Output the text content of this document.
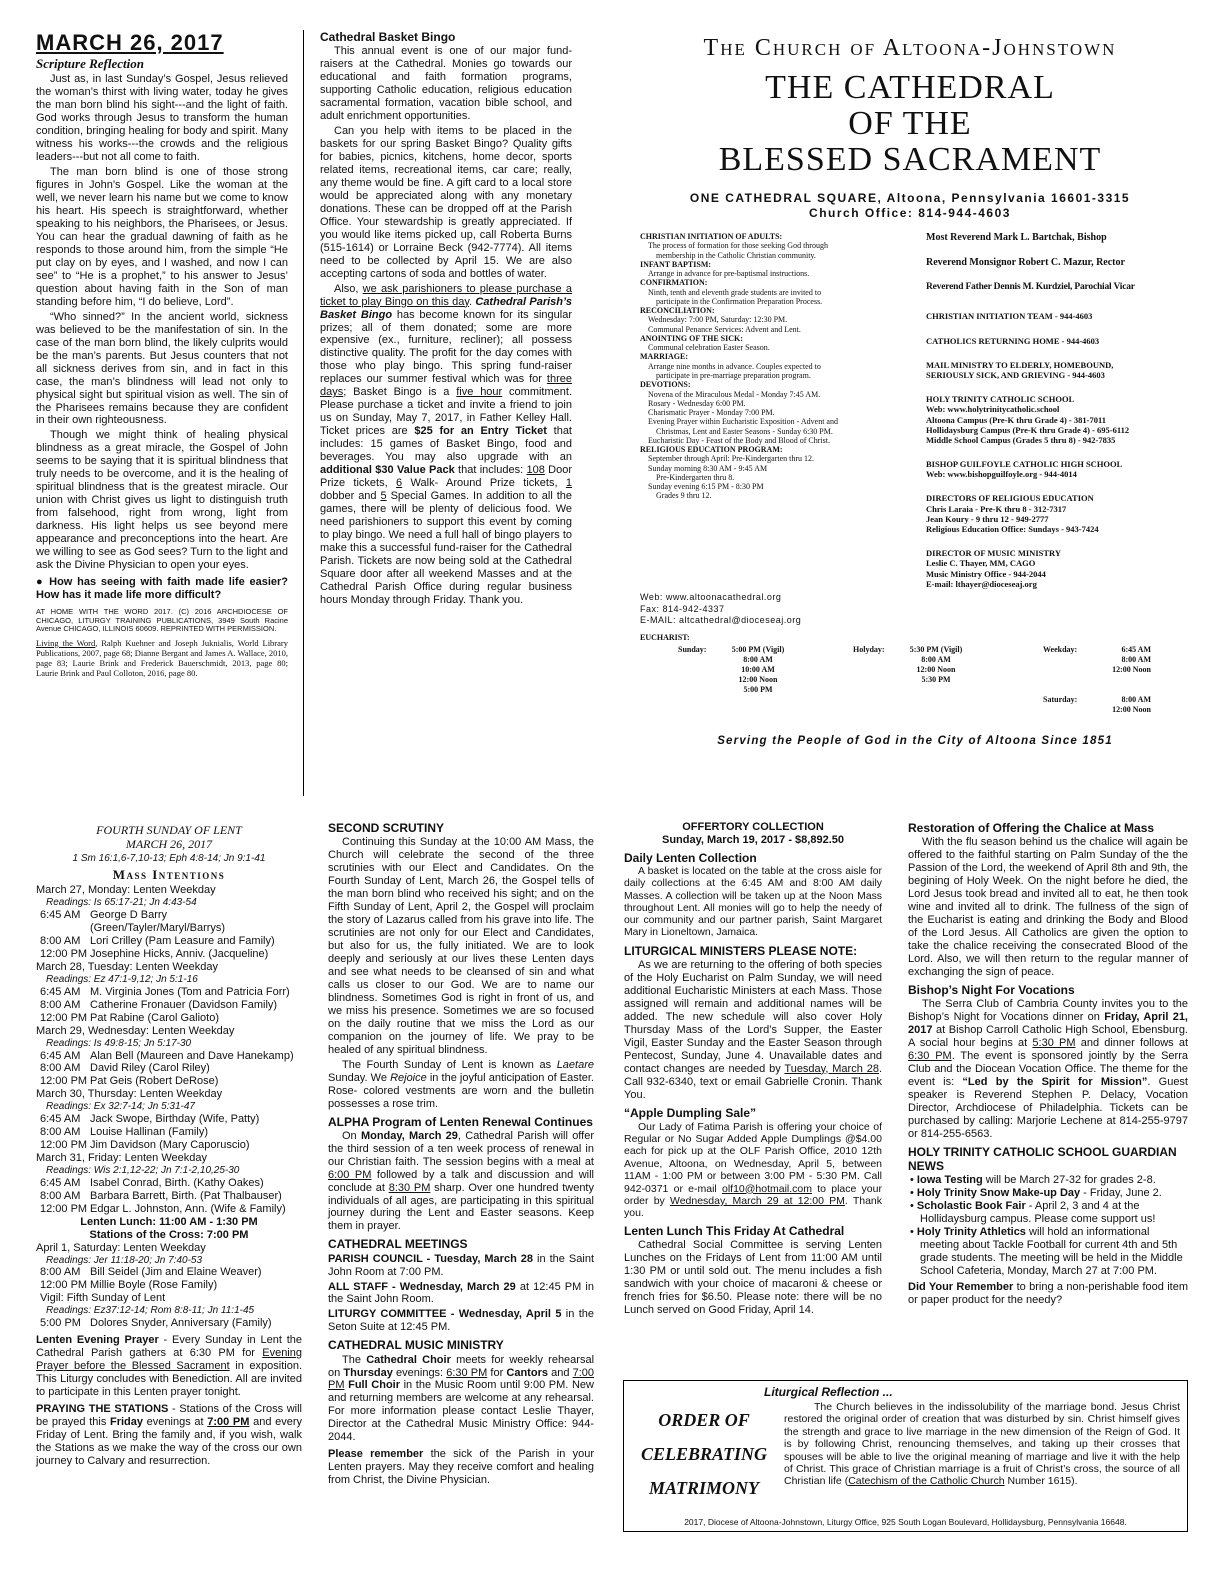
MARCH 26, 2017
Scripture Reflection

Just as, in last Sunday’s Gospel, Jesus relieved the woman’s thirst with living water, today he gives the man born blind his sight---and the light of faith. God works through Jesus to transform the human condition, bringing healing for body and spirit. Many witness his works---the crowds and the religious leaders---but not all come to faith.

The man born blind is one of those strong figures in John’s Gospel. Like the woman at the well, we never learn his name but we come to know his heart. His speech is straightforward, whether speaking to his neighbors, the Pharisees, or Jesus. You can hear the gradual dawning of faith as he responds to those around him, from the simple “He put clay on by eyes, and I washed, and now I can see” to “He is a prophet,” to his answer to Jesus’ question about having faith in the Son of man standing before him, “I do believe, Lord”.

“Who sinned?” In the ancient world, sickness was believed to be the manifestation of sin. In the case of the man born blind, the likely culprits would be the man’s parents. But Jesus counters that not all sickness derives from sin, and in fact in this case, the man’s blindness will lead not only to physical sight but spiritual vision as well. The sin of the Pharisees remains because they are confident in their own righteousness.

Though we might think of healing physical blindness as a great miracle, the Gospel of John seems to be saying that it is spiritual blindness that truly needs to be overcome, and it is the healing of spiritual blindness that is the greatest miracle. Our union with Christ gives us light to distinguish truth from falsehood, right from wrong, light from darkness. His light helps us see beyond mere appearance and preconceptions into the heart. Are we willing to see as God sees? Turn to the light and ask the Divine Physician to open your eyes.

● How has seeing with faith made life easier? How has it made life more difficult?

AT HOME WITH THE WORD 2017. (C) 2016 ARCHDIOCESE OF CHICAGO, LITURGY TRAINING PUBLICATIONS, 3949 South Racine Avenue CHICAGO, ILLINOIS 60609. REPRINTED WITH PERMISSION.

Living the Word, Ralph Kuehner and Joseph Juknialis, World Library Publications, 2007, page 68; Dianne Bergant and James A. Wallace, 2010, page 83; Laurie Brink and Frederick Bauerschmidt, 2013, page 80; Laurie Brink and Paul Colloton, 2016, page 80.

Cathedral Basket Bingo

This annual event is one of our major fund-raisers at the Cathedral. Monies go towards our educational and faith formation programs, supporting Catholic education, religious education sacramental formation, vacation bible school, and adult enrichment opportunities.

Can you help with items to be placed in the baskets for our spring Basket Bingo? Quality gifts for babies, picnics, kitchens, home decor, sports related items, recreational items, car care; really, any theme would be fine. A gift card to a local store would be appreciated along with any monetary donations. These can be dropped off at the Parish Office. Your stewardship is greatly appreciated. If you would like items picked up, call Roberta Burns (515-1614) or Lorraine Beck (942-7774). All items need to be collected by April 15. We are also accepting cartons of soda and bottles of water.

Also, we ask parishioners to please purchase a ticket to play Bingo on this day. Cathedral Parish’s Basket Bingo has become known for its singular prizes; all of them donated; some are more expensive (ex., furniture, recliner); all possess distinctive quality. The profit for the day comes with those who play bingo. This spring fund-raiser replaces our summer festival which was for three days; Basket Bingo is a five hour commitment. Please purchase a ticket and invite a friend to join us on Sunday, May 7, 2017, in Father Kelley Hall. Ticket prices are $25 for an Entry Ticket that includes: 15 games of Basket Bingo, food and beverages. You may also upgrade with an additional $30 Value Pack that includes: 108 Door Prize tickets, 6 Walk- Around Prize tickets, 1 dobber and 5 Special Games. In addition to all the games, there will be plenty of delicious food. We need parishioners to support this event by coming to play bingo. We need a full hall of bingo players to make this a successful fund-raiser for the Cathedral Parish. Tickets are now being sold at the Cathedral Square door after all weekend Masses and at the Cathedral Parish Office during regular business hours Monday through Friday. Thank you.

The Church of Altoona-Johnstown
THE CATHEDRAL
OF THE
BLESSED SACRAMENT
ONE CATHEDRAL SQUARE, Altoona, Pennsylvania 16601-3315
Church Office: 814-944-4603
CHRISTIAN INITIATION OF ADULTS:
The process of formation for those seeking God through
membership in the Catholic Christian community.
INFANT BAPTISM:
Arrange in advance for pre-baptismal instructions.
CONFIRMATION:
Ninth, tenth and eleventh grade students are invited to
participate in the Confirmation Preparation Process.
RECONCILIATION:
Wednesday: 7:00 PM, Saturday: 12:30 PM.
Communal Penance Services: Advent and Lent.
ANOINTING OF THE SICK:
Communal celebration Easter Season.
MARRIAGE:
Arrange nine months in advance. Couples expected to
participate in pre-marriage preparation program.
DEVOTIONS:
Novena of the Miraculous Medal - Monday 7:45 AM.
Rosary - Wednesday 6:00 PM.
Charismatic Prayer - Monday 7:00 PM.
Evening Prayer within Eucharistic Exposition - Advent and
Christmas, Lent and Easter Seasons - Sunday 6:30 PM.
Eucharistic Day - Feast of the Body and Blood of Christ.
RELIGIOUS EDUCATION PROGRAM:
September through April: Pre-Kindergarten thru 12.
Sunday morning 8:30 AM - 9:45 AM
Pre-Kindergarten thru 8.
Sunday evening 6:15 PM - 8:30 PM
Grades 9 thru 12.
Web: www.altoonacathedral.org
Fax: 814-942-4337
E-MAIL: altcathedral@dioceseaj.org
Most Reverend Mark L. Bartchak, Bishop
Reverend Monsignor Robert C. Mazur, Rector
Reverend Father Dennis M. Kurdziel, Parochial Vicar
CHRISTIAN INITIATION TEAM - 944-4603
CATHOLICS RETURNING HOME - 944-4603
MAIL MINISTRY TO ELDERLY, HOMEBOUND,
SERIOUSLY SICK, AND GRIEVING - 944-4603
HOLY TRINITY CATHOLIC SCHOOL
Web: www.holytrinitycatholic.school
Altoona Campus (Pre-K thru Grade 4) - 381-7011
Hollidaysburg Campus (Pre-K thru Grade 4) - 695-6112
Middle School Campus (Grades 5 thru 8) - 942-7835
BISHOP GUILFOYLE CATHOLIC HIGH SCHOOL
Web: www.bishopguilfoyle.org - 944-4014
DIRECTORS OF RELIGIOUS EDUCATION
Chris Laraia - Pre-K thru 8 - 312-7317
Jean Koury - 9 thru 12 - 949-2777
Religious Education Office: Sundays - 943-7424
DIRECTOR OF MUSIC MINISTRY
Leslie C. Thayer, MM, CAGO
Music Ministry Office - 944-2044
E-mail: lthayer@dioceseaj.org
EUCHARIST:
Sunday:	5:00 PM (Vigil)
8:00 AM
10:00 AM
12:00 Noon
5:00 PM
Holyday:	5:30 PM (Vigil)
8:00 AM
12:00 Noon
5:30 PM
Weekday:	6:45 AM
8:00 AM
12:00 Noon
Saturday:	8:00 AM
12:00 Noon
Serving the People of God in the City of Altoona Since 1851
FOURTH SUNDAY OF LENT
MARCH 26, 2017
1 Sm 16:1,6-7,10-13; Eph 4:8-14; Jn 9:1-41
Mass Intentions
March 27, Monday: Lenten Weekday
Readings: Is 65:17-21; Jn 4:43-54
6:45 AM George D Barry (Green/Tayler/Maryl/Barrys)
8:00 AM Lori Crilley (Pam Leasure and Family)
12:00 PM Josephine Hicks, Anniv. (Jacqueline)
March 28, Tuesday: Lenten Weekday
Readings: Ez 47:1-9,12; Jn 5:1-16
6:45 AM M. Virginia Jones (Tom and Patricia Forr)
8:00 AM Catherine Fronauer (Davidson Family)
12:00 PM Pat Rabine (Carol Galioto)
March 29, Wednesday: Lenten Weekday
Readings: Is 49:8-15; Jn 5:17-30
6:45 AM Alan Bell (Maureen and Dave Hanekamp)
8:00 AM David Riley (Carol Riley)
12:00 PM Pat Geis (Robert DeRose)
March 30, Thursday: Lenten Weekday
Readings: Ex 32:7-14; Jn 5:31-47
6:45 AM Jack Swope, Birthday (Wife, Patty)
8:00 AM Louise Hallinan (Family)
12:00 PM Jim Davidson (Mary Caporuscio)
March 31, Friday: Lenten Weekday
Readings: Wis 2:1,12-22; Jn 7:1-2,10,25-30
6:45 AM Isabel Conrad, Birth. (Kathy Oakes)
8:00 AM Barbara Barrett, Birth. (Pat Thalbauser)
12:00 PM Edgar L. Johnston, Ann. (Wife & Family)
Lenten Lunch: 11:00 AM - 1:30 PM
Stations of the Cross: 7:00 PM
April 1, Saturday: Lenten Weekday
Readings: Jer 11:18-20; Jn 7:40-53
8:00 AM Bill Seidel (Jim and Elaine Weaver)
12:00 PM Millie Boyle (Rose Family)
Vigil: Fifth Sunday of Lent
Readings: Ez37:12-14; Rom 8:8-11; Jn 11:1-45
5:00 PM Dolores Snyder, Anniversary (Family)

Lenten Evening Prayer - Every Sunday in Lent the Cathedral Parish gathers at 6:30 PM for Evening Prayer before the Blessed Sacrament in exposition. This Liturgy concludes with Benediction. All are invited to participate in this Lenten prayer tonight.

PRAYING THE STATIONS - Stations of the Cross will be prayed this Friday evenings at 7:00 PM and every Friday of Lent. Bring the family and, if you wish, walk the Stations as we make the way of the cross our own journey to Calvary and resurrection.

SECOND SCRUTINY

Continuing this Sunday at the 10:00 AM Mass, the Church will celebrate the second of the three scrutinies with our Elect and Candidates. On the Fourth Sunday of Lent, March 26, the Gospel tells of the man born blind who received his sight; and on the Fifth Sunday of Lent, April 2, the Gospel will proclaim the story of Lazarus called from his grave into life. The scrutinies are not only for our Elect and Candidates, but also for us, the fully initiated. We are to look deeply and seriously at our lives these Lenten days and see what needs to be cleansed of sin and what calls us closer to our God. We are to name our blindness. Sometimes God is right in front of us, and we miss his presence. Sometimes we are so focused on the daily routine that we miss the Lord as our companion on the journey of life. We pray to be healed of any spiritual blindness.

The Fourth Sunday of Lent is known as Laetare Sunday. We Rejoice in the joyful anticipation of Easter. Rose- colored vestments are worn and the bulletin possesses a rose trim.

ALPHA Program of Lenten Renewal Continues

On Monday, March 29, Cathedral Parish will offer the third session of a ten week process of renewal in our Christian faith. The session begins with a meal at 6:00 PM followed by a talk and discussion and will conclude at 8:30 PM sharp. Over one hundred twenty individuals of all ages, are participating in this spiritual journey during the Lent and Easter seasons. Keep them in prayer.

CATHEDRAL MEETINGS

PARISH COUNCIL - Tuesday, March 28 in the Saint John Room at 7:00 PM.

ALL STAFF - Wednesday, March 29 at 12:45 PM in the Saint John Room.

LITURGY COMMITTEE - Wednesday, April 5 in the Seton Suite at 12:45 PM.

CATHEDRAL MUSIC MINISTRY

The Cathedral Choir meets for weekly rehearsal on Thursday evenings: 6:30 PM for Cantors and 7:00 PM Full Choir in the Music Room until 9:00 PM. New and returning members are welcome at any rehearsal. For more information please contact Leslie Thayer, Director at the Cathedral Music Ministry Office: 944-2044.

Please remember the sick of the Parish in your Lenten prayers. May they receive comfort and healing from Christ, the Divine Physician.

OFFERTORY COLLECTION
Sunday, March 19, 2017 - $8,892.50
Daily Lenten Collection

A basket is located on the table at the cross aisle for daily collections at the 6:45 AM and 8:00 AM daily Masses. A collection will be taken up at the Noon Mass throughout Lent. All monies will go to help the needy of our community and our partner parish, Saint Margaret Mary in Lioneltown, Jamaica.

LITURGICAL MINISTERS PLEASE NOTE:

As we are returning to the offering of both species of the Holy Eucharist on Palm Sunday, we will need additional Eucharistic Ministers at each Mass. Those assigned will remain and additional names will be added. The new schedule will also cover Holy Thursday Mass of the Lord’s Supper, the Easter Vigil, Easter Sunday and the Easter Season through Pentecost, Sunday, June 4. Unavailable dates and contact changes are needed by Tuesday, March 28. Call 932-6340, text or email Gabrielle Cronin. Thank You.

“Apple Dumpling Sale”

Our Lady of Fatima Parish is offering your choice of Regular or No Sugar Added Apple Dumplings @$4.00 each for pick up at the OLF Parish Office, 2010 12th Avenue, Altoona, on Wednesday, April 5, between 11AM - 1:00 PM or between 3:00 PM - 5:30 PM. Call 942-0371 or e-mail olf10@hotmail.com to place your order by Wednesday, March 29 at 12:00 PM. Thank you.

Lenten Lunch This Friday At Cathedral

Cathedral Social Committee is serving Lenten Lunches on the Fridays of Lent from 11:00 AM until 1:30 PM or until sold out. The menu includes a fish sandwich with your choice of macaroni & cheese or french fries for $6.50. Please note: there will be no Lunch served on Good Friday, April 14.

Restoration of Offering the Chalice at Mass

With the flu season behind us the chalice will again be offered to the faithful starting on Palm Sunday of the the Passion of the Lord, the weekend of April 8th and 9th, the begining of Holy Week. On the night before he died, the Lord Jesus took bread and invited all to eat, he then took wine and invited all to drink. The fullness of the sign of the Eucharist is eating and drinking the Body and Blood of the Lord Jesus. All Catholics are given the option to take the chalice receiving the consecrated Blood of the Lord. Also, we will then return to the regular manner of exchanging the sign of peace.

Bishop’s Night For Vocations

The Serra Club of Cambria County invites you to the Bishop’s Night for Vocations dinner on Friday, April 21, 2017 at Bishop Carroll Catholic High School, Ebensburg. A social hour begins at 5:30 PM and dinner follows at 6:30 PM. The event is sponsored jointly by the Serra Club and the Diocean Vocation Office. The theme for the event is: “Led by the Spirit for Mission”. Guest speaker is Reverend Stephen P. Delacy, Vocation Director, Archdiocese of Philadelphia. Tickets can be purchased by calling: Marjorie Lechene at 814-255-9797 or 814-255-6563.

HOLY TRINITY CATHOLIC SCHOOL GUARDIAN NEWS
• Iowa Testing will be March 27-32 for grades 2-8.
• Holy Trinity Snow Make-up Day - Friday, June 2.
• Scholastic Book Fair - April 2, 3 and 4 at the Hollidaysburg campus. Please come support us!
• Holy Trinity Athletics will hold an informational meeting about Tackle Football for current 4th and 5th grade students. The meeting will be held in the Middle School Cafeteria, Monday, March 27 at 7:00 PM.

Did Your Remember to bring a non-perishable food item or paper product for the needy?

Liturgical Reflection ...
ORDER OF
CELEBRATING
MATRIMONY

The Church believes in the indissolubility of the marriage bond. Jesus Christ restored the original order of creation that was disturbed by sin. Christ himself gives the strength and grace to live marriage in the new dimension of the Reign of God. It is by following Christ, renouncing themselves, and taking up their crosses that spouses will be able to live the original meaning of marriage and live it with the help of Christ. This grace of Christian marriage is a fruit of Christ’s cross, the source of all Christian life (Catechism of the Catholic Church Number 1615).

2017, Diocese of Altoona-Johnstown, Liturgy Office, 925 South Logan Boulevard, Hollidaysburg, Pennsylvania 16648.
